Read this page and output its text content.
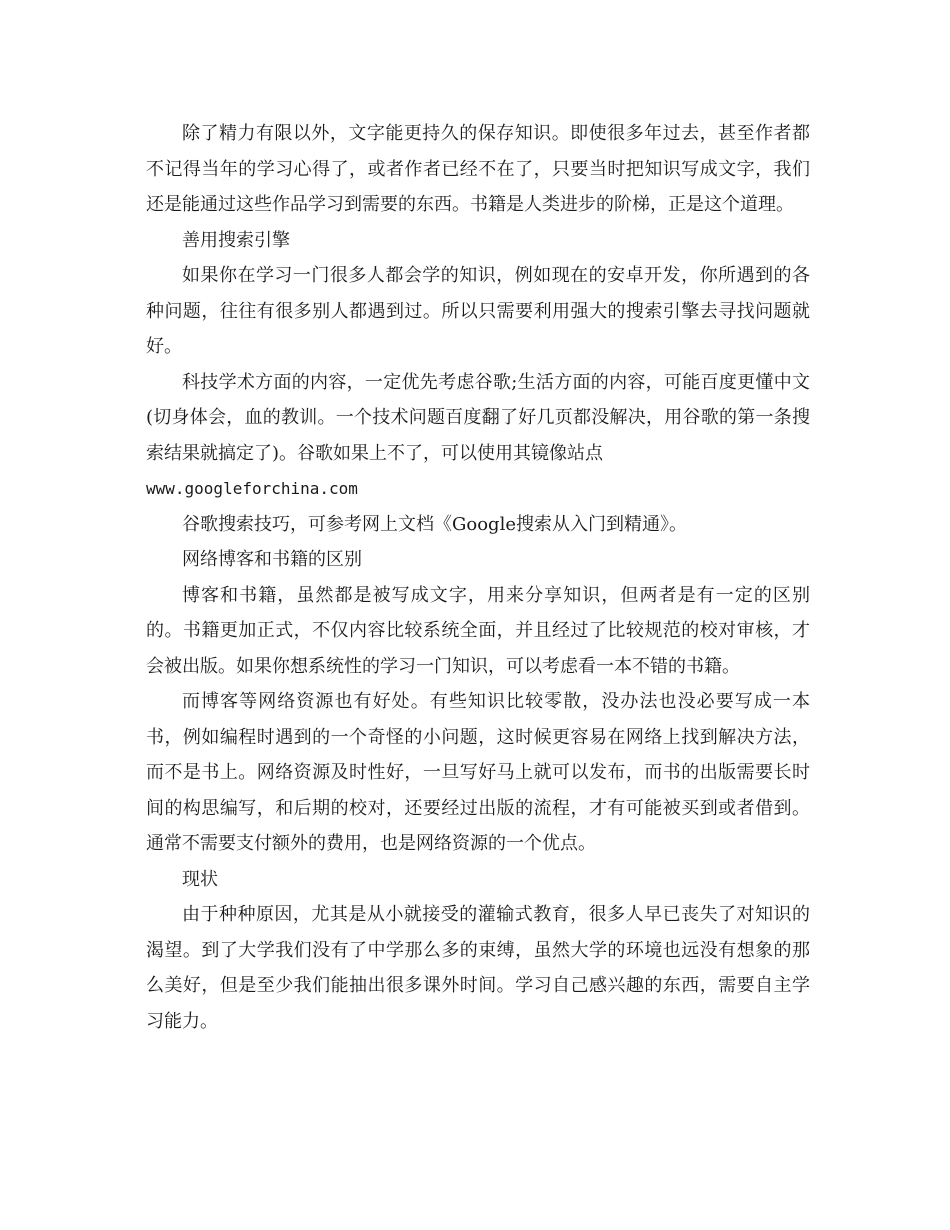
除了精力有限以外，文字能更持久的保存知识。即使很多年过去，甚至作者都不记得当年的学习心得了，或者作者已经不在了，只要当时把知识写成文字，我们还是能通过这些作品学习到需要的东西。书籍是人类进步的阶梯，正是这个道理。

善用搜索引擎

如果你在学习一门很多人都会学的知识，例如现在的安卓开发，你所遇到的各种问题，往往有很多别人都遇到过。所以只需要利用强大的搜索引擎去寻找问题就好。

科技学术方面的内容，一定优先考虑谷歌;生活方面的内容，可能百度更懂中文(切身体会，血的教训。一个技术问题百度翻了好几页都没解决，用谷歌的第一条搜索结果就搞定了)。谷歌如果上不了，可以使用其镜像站点

www.googleforchina.com

谷歌搜索技巧，可参考网上文档《Google搜索从入门到精通》。

网络博客和书籍的区别

博客和书籍，虽然都是被写成文字，用来分享知识，但两者是有一定的区别的。书籍更加正式，不仅内容比较系统全面，并且经过了比较规范的校对审核，才会被出版。如果你想系统性的学习一门知识，可以考虑看一本不错的书籍。

而博客等网络资源也有好处。有些知识比较零散，没办法也没必要写成一本书，例如编程时遇到的一个奇怪的小问题，这时候更容易在网络上找到解决方法，而不是书上。网络资源及时性好，一旦写好马上就可以发布，而书的出版需要长时间的构思编写，和后期的校对，还要经过出版的流程，才有可能被买到或者借到。通常不需要支付额外的费用，也是网络资源的一个优点。

现状

由于种种原因，尤其是从小就接受的灌输式教育，很多人早已丧失了对知识的渴望。到了大学我们没有了中学那么多的束缚，虽然大学的环境也远没有想象的那么美好，但是至少我们能抽出很多课外时间。学习自己感兴趣的东西，需要自主学习能力。
